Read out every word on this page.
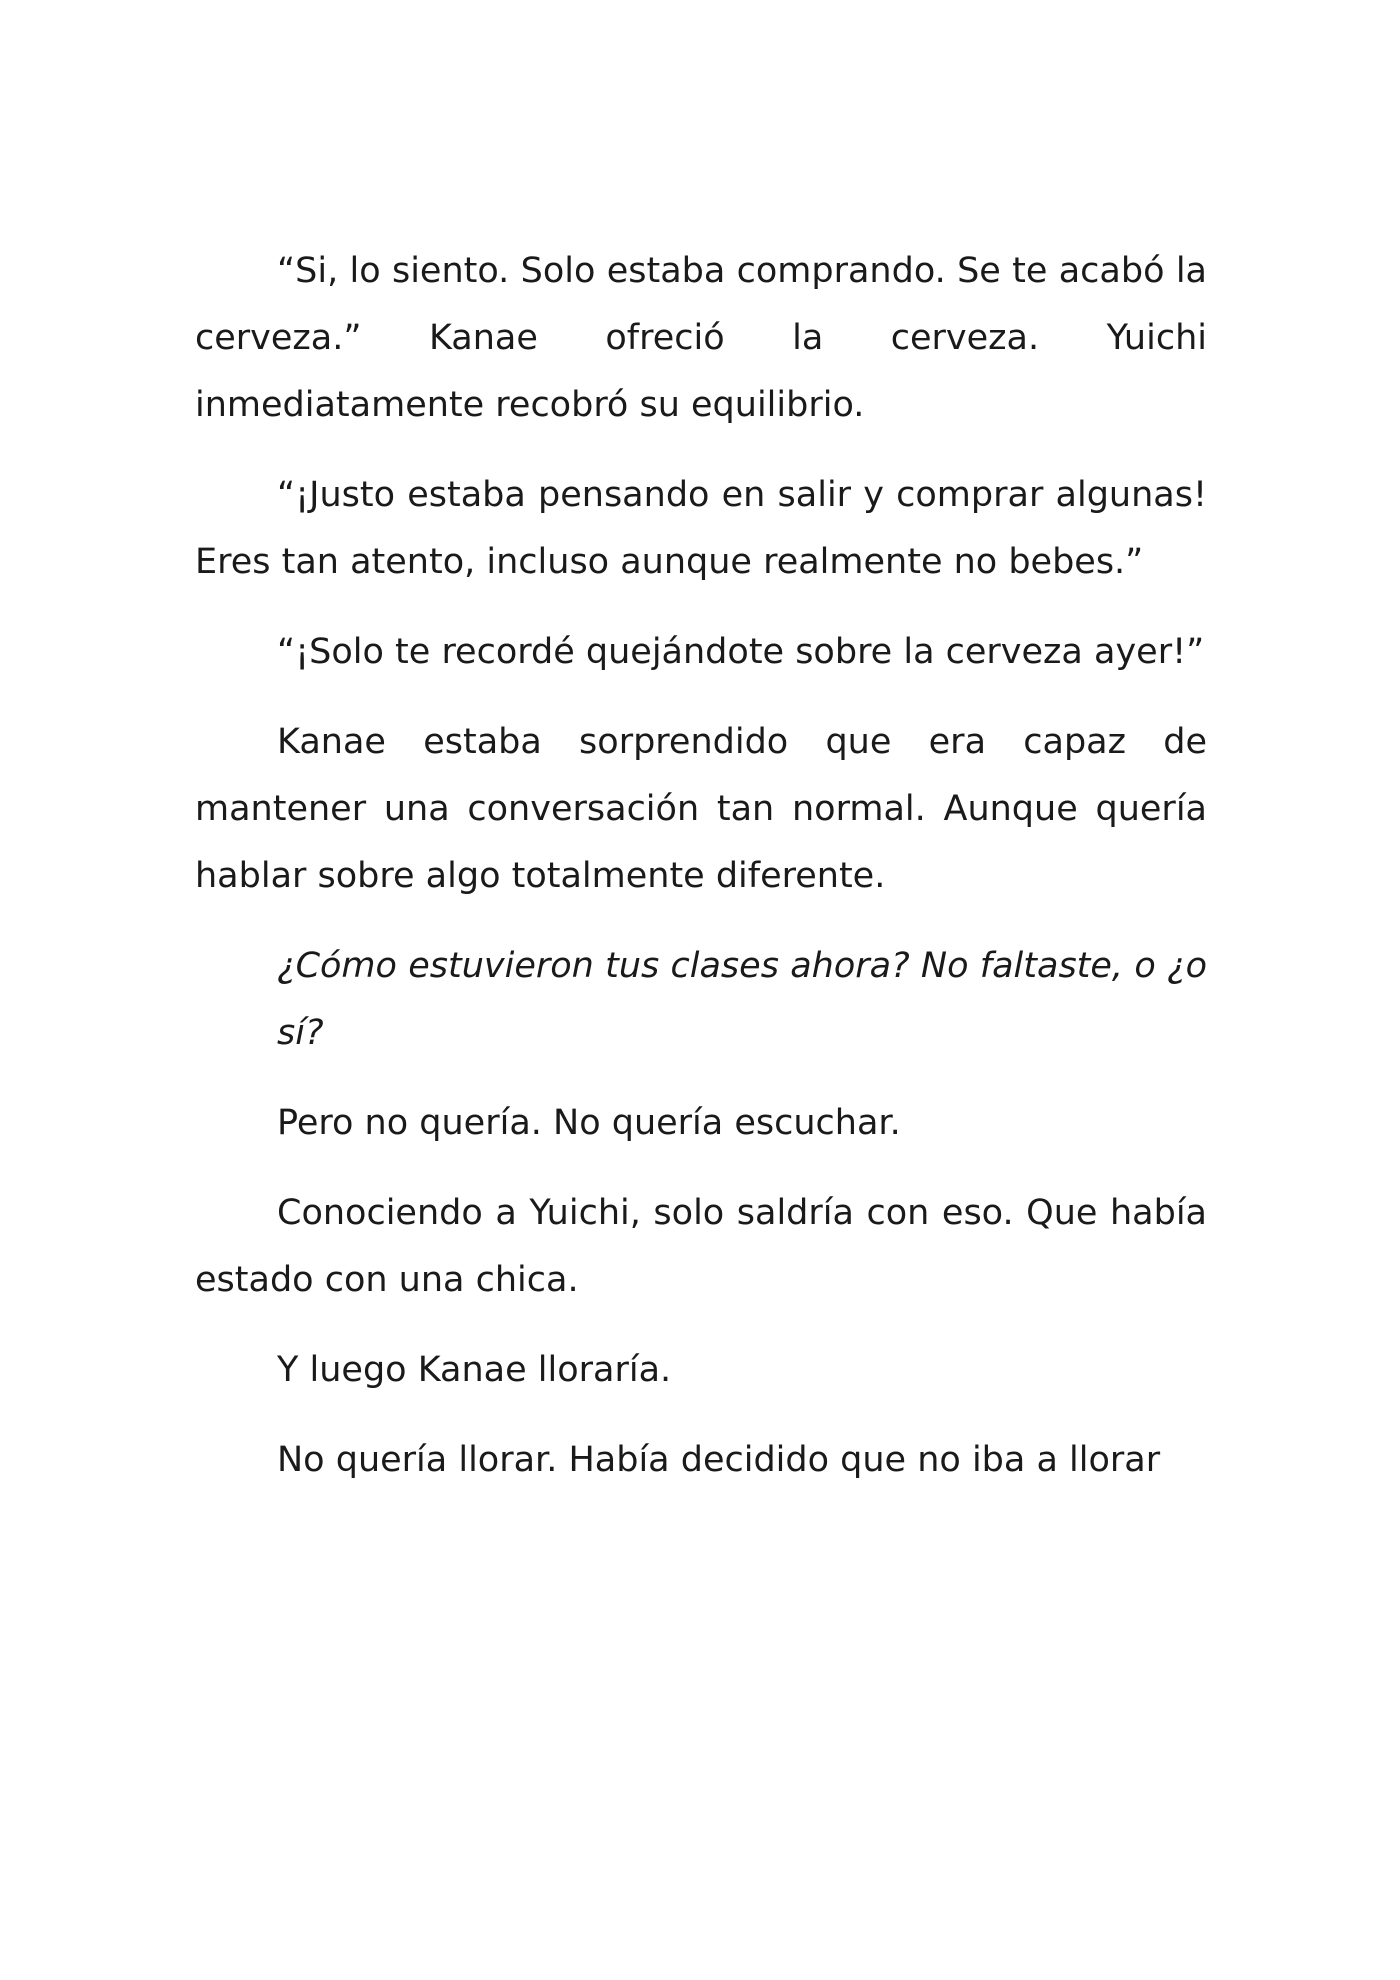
“Si, lo siento. Solo estaba comprando. Se te acabó la cerveza.” Kanae ofreció la cerveza. Yuichi inmediatamente recobró su equilibrio.

“¡Justo estaba pensando en salir y comprar algunas! Eres tan atento, incluso aunque realmente no bebes.”

“¡Solo te recordé quejándote sobre la cerveza ayer!”

Kanae estaba sorprendido que era capaz de mantener una conversación tan normal. Aunque quería hablar sobre algo totalmente diferente.

¿Cómo estuvieron tus clases ahora? No faltaste, o ¿o sí?

Pero no quería. No quería escuchar.

Conociendo a Yuichi, solo saldría con eso. Que había estado con una chica.

Y luego Kanae lloraría.

No quería llorar. Había decidido que no iba a llorar
